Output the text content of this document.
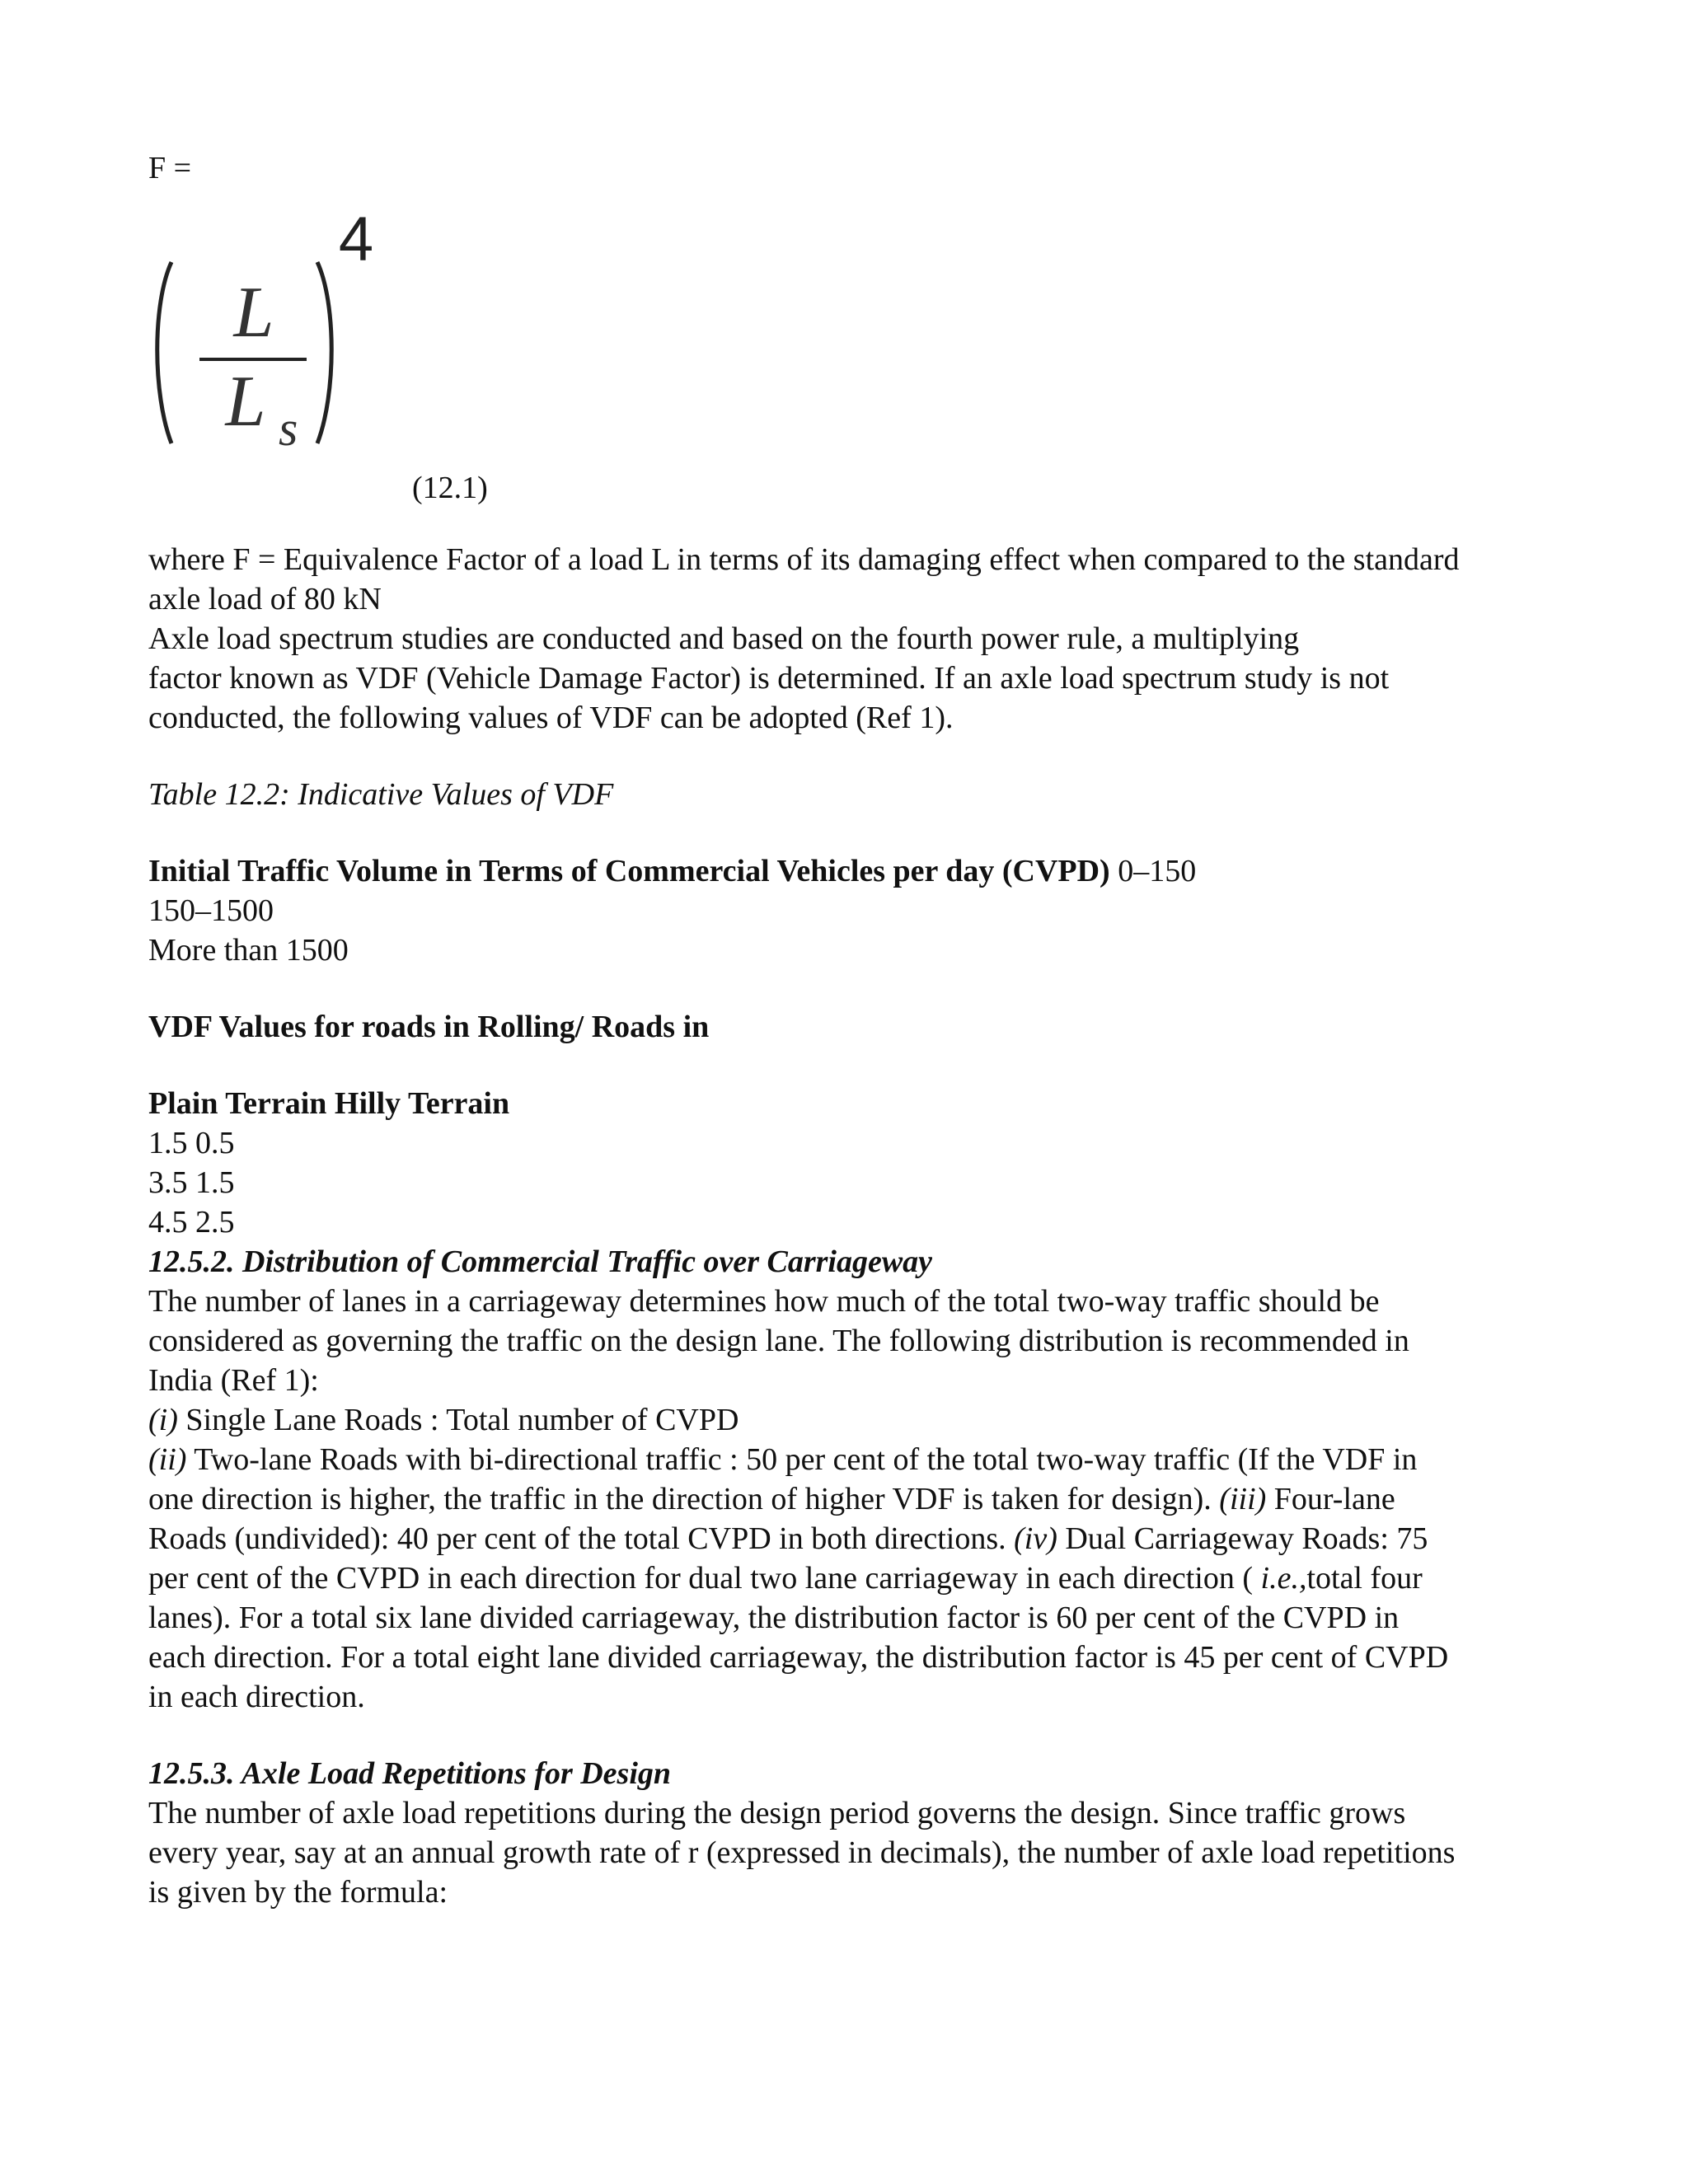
F =
L
L s
4
(12.1)
where F = Equivalence Factor of a load L in terms of its damaging effect when compared to the standard
axle load of 80 kN
Axle load spectrum studies are conducted and based on the fourth power rule, a multiplying
factor known as VDF (Vehicle Damage Factor) is determined. If an axle load spectrum study is not
conducted, the following values of VDF can be adopted (Ref 1).
Table 12.2: Indicative Values of VDF
Initial Traffic Volume in Terms of Commercial Vehicles per day (CVPD) 0–150
150–1500
More than 1500
VDF Values for roads in Rolling/ Roads in
Plain Terrain Hilly Terrain
1.5 0.5
3.5 1.5
4.5 2.5
12.5.2. Distribution of Commercial Traffic over Carriageway
The number of lanes in a carriageway determines how much of the total two-way traffic should be
considered as governing the traffic on the design lane. The following distribution is recommended in
India (Ref 1):
(i) Single Lane Roads : Total number of CVPD
(ii) Two-lane Roads with bi-directional traffic : 50 per cent of the total two-way traffic (If the VDF in
one direction is higher, the traffic in the direction of higher VDF is taken for design). (iii) Four-lane
Roads (undivided): 40 per cent of the total CVPD in both directions. (iv) Dual Carriageway Roads: 75
per cent of the CVPD in each direction for dual two lane carriageway in each direction ( i.e.,total four
lanes). For a total six lane divided carriageway, the distribution factor is 60 per cent of the CVPD in
each direction. For a total eight lane divided carriageway, the distribution factor is 45 per cent of CVPD
in each direction.
12.5.3. Axle Load Repetitions for Design
The number of axle load repetitions during the design period governs the design. Since traffic grows
every year, say at an annual growth rate of r (expressed in decimals), the number of axle load repetitions
is given by the formula:
